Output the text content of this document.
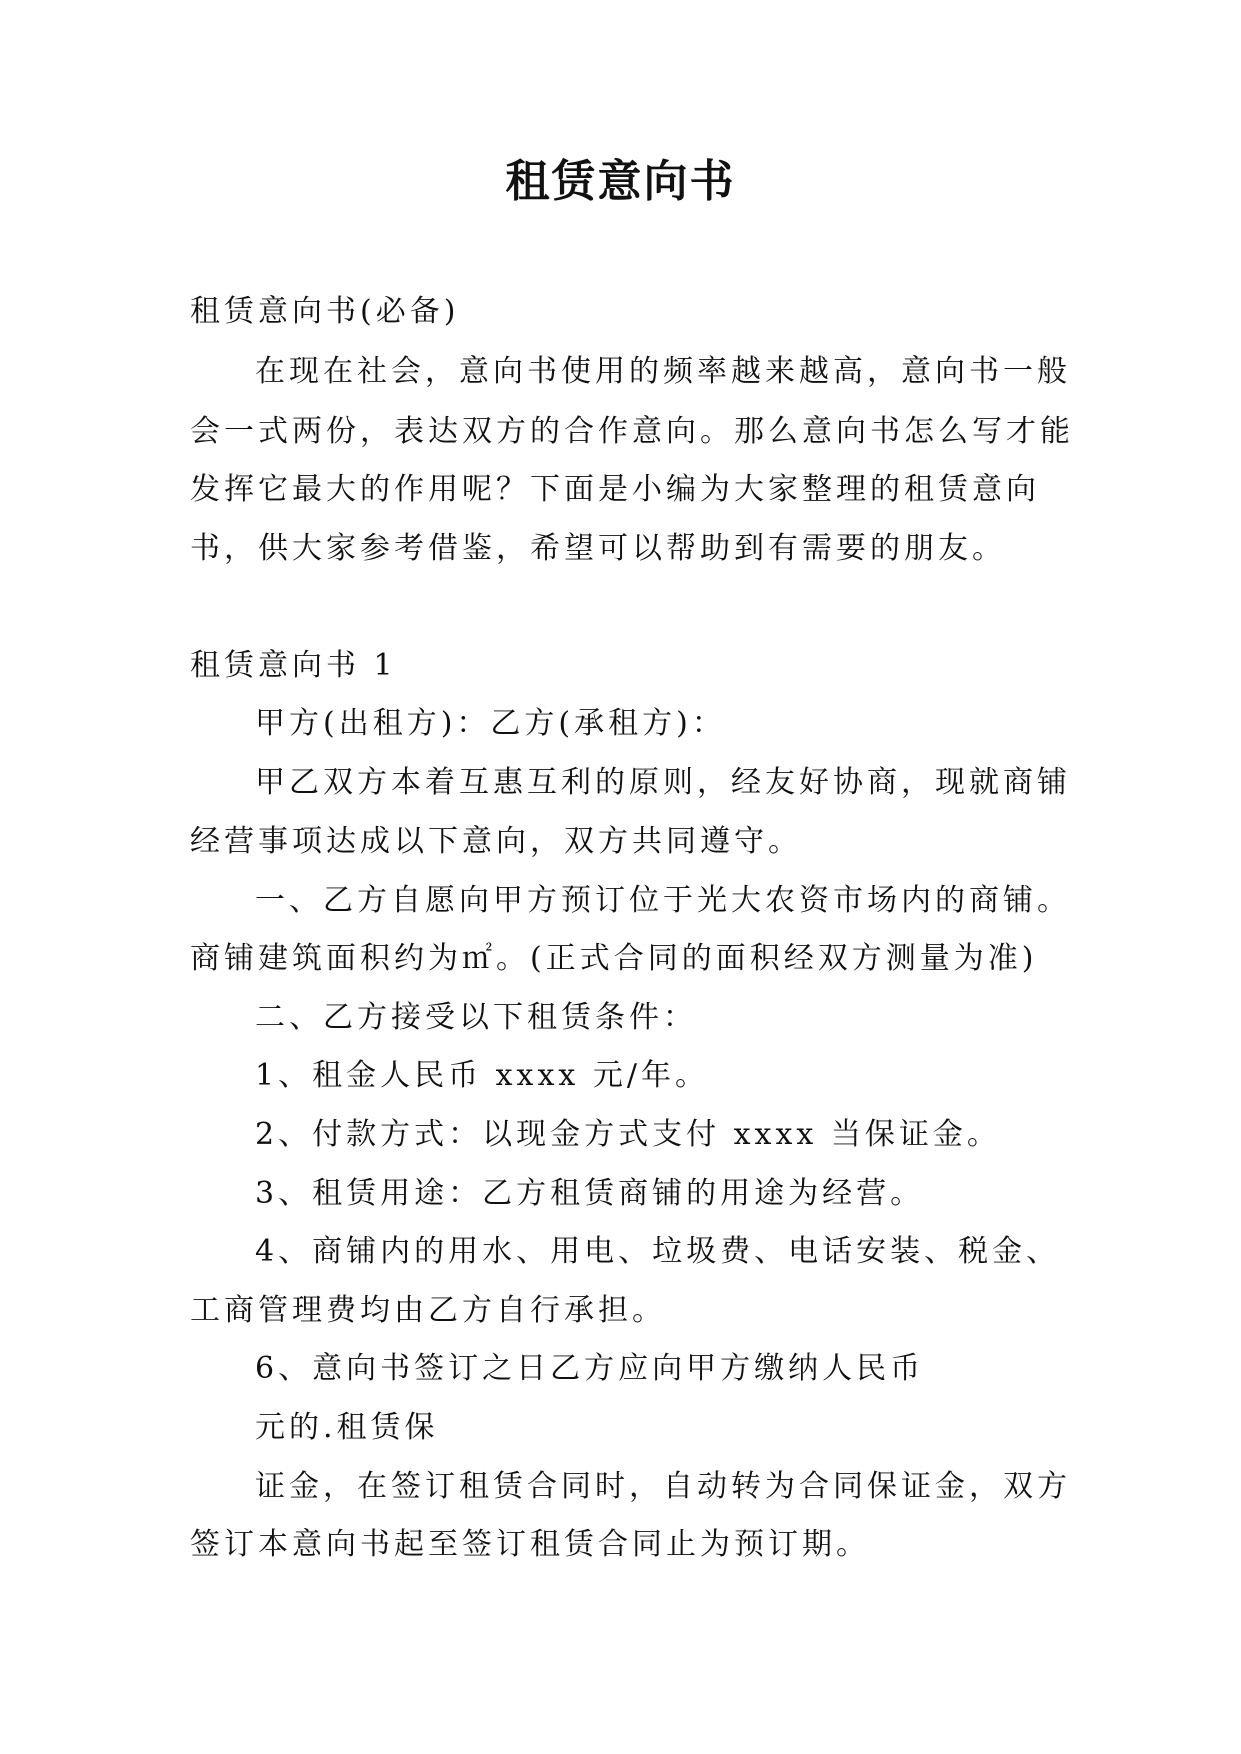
租赁意向书
租赁意向书(必备)
在现在社会，意向书使用的频率越来越高，意向书一般
会一式两份，表达双方的合作意向。那么意向书怎么写才能
发挥它最大的作用呢？下面是小编为大家整理的租赁意向
书，供大家参考借鉴，希望可以帮助到有需要的朋友。
租赁意向书 1
甲方(出租方)：乙方(承租方)：
甲乙双方本着互惠互利的原则，经友好协商，现就商铺
经营事项达成以下意向，双方共同遵守。
一、乙方自愿向甲方预订位于光大农资市场内的商铺。
商铺建筑面积约为㎡。(正式合同的面积经双方测量为准)
二、乙方接受以下租赁条件：
1、租金人民币 xxxx 元/年。
2、付款方式：以现金方式支付 xxxx 当保证金。
3、租赁用途：乙方租赁商铺的用途为经营。
4、商铺内的用水、用电、垃圾费、电话安装、税金、
工商管理费均由乙方自行承担。
6、意向书签订之日乙方应向甲方缴纳人民币
元的.租赁保
证金，在签订租赁合同时，自动转为合同保证金，双方
签订本意向书起至签订租赁合同止为预订期。
